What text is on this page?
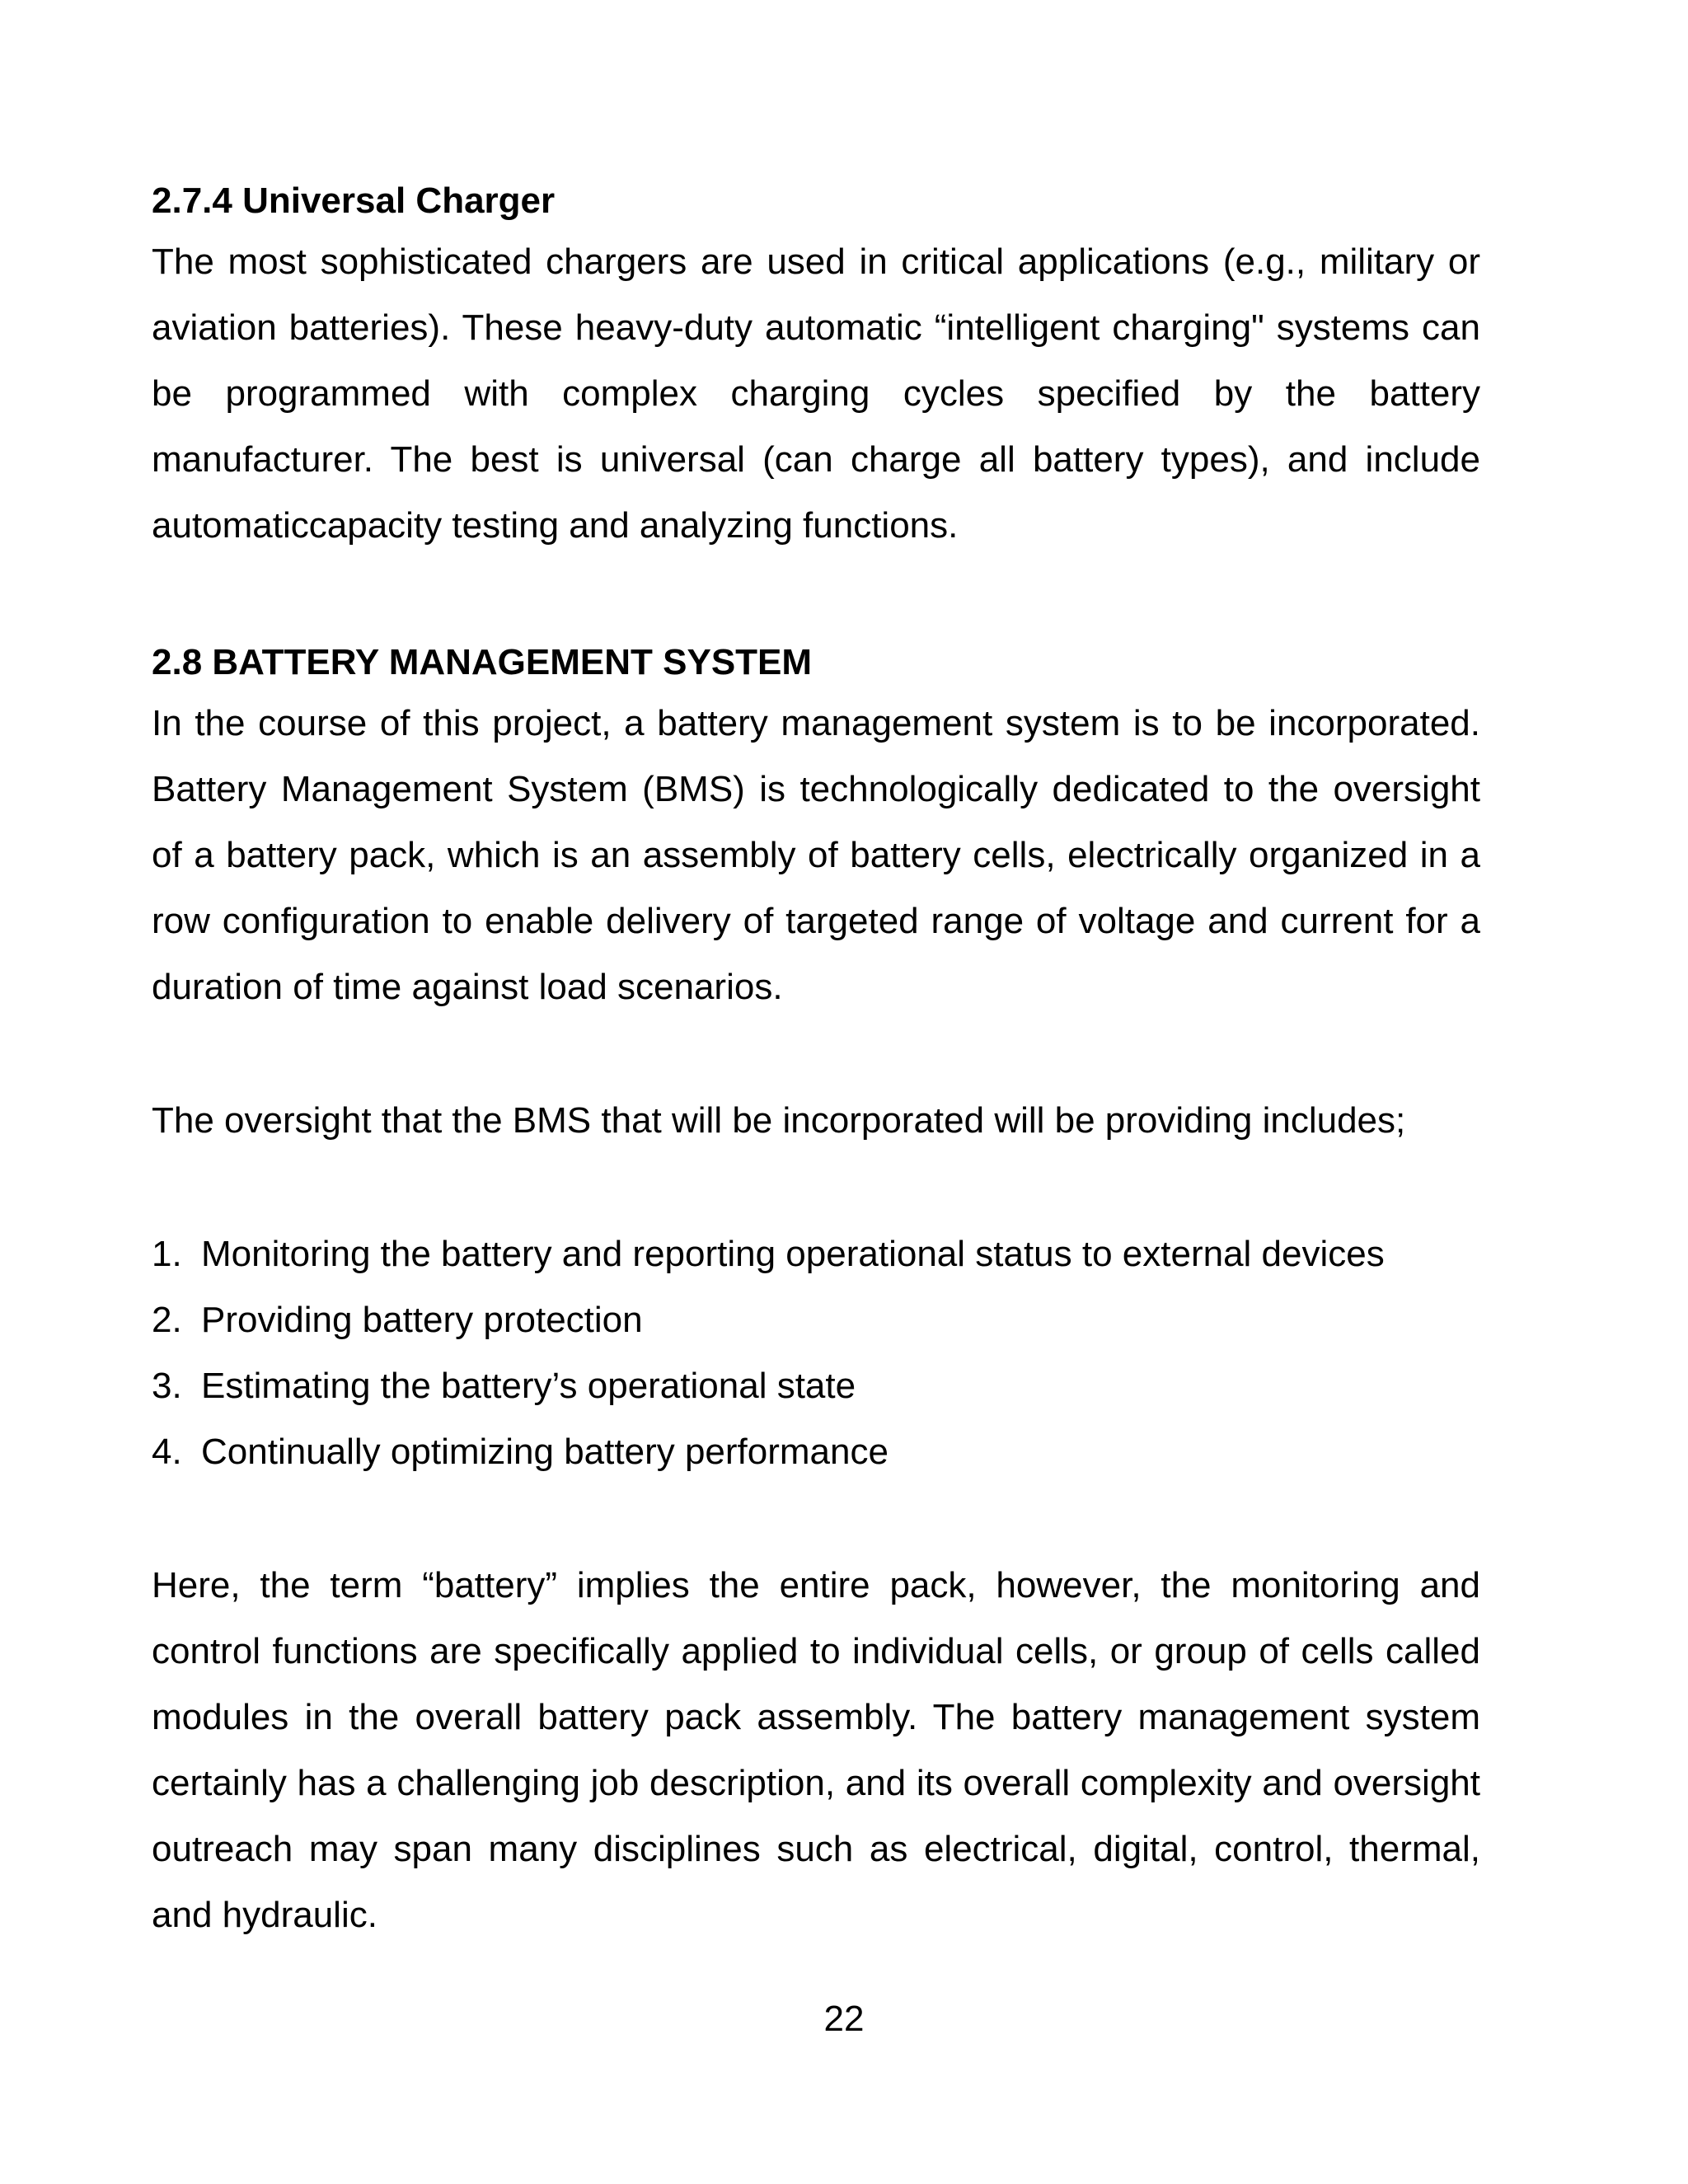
2.7.4 Universal Charger

The most sophisticated chargers are used in critical applications (e.g., military or aviation batteries). These heavy-duty automatic “intelligent charging" systems can be programmed with complex charging cycles specified by the battery manufacturer. The best is universal (can charge all battery types), and include automaticcapacity testing and analyzing functions.

2.8 BATTERY MANAGEMENT SYSTEM

In the course of this project, a battery management system is to be incorporated. Battery Management System (BMS) is technologically dedicated to the oversight of a battery pack, which is an assembly of battery cells, electrically organized in a row configuration to enable delivery of targeted range of voltage and current for a duration of time against load scenarios.

The oversight that the BMS that will be incorporated will be providing includes;

1. Monitoring the battery and reporting operational status to external devices
2. Providing battery protection
3. Estimating the battery’s operational state
4. Continually optimizing battery performance

Here, the term “battery” implies the entire pack, however, the monitoring and control functions are specifically applied to individual cells, or group of cells called modules in the overall battery pack assembly. The battery management system certainly has a challenging job description, and its overall complexity and oversight outreach may span many disciplines such as electrical, digital, control, thermal, and hydraulic.

22
